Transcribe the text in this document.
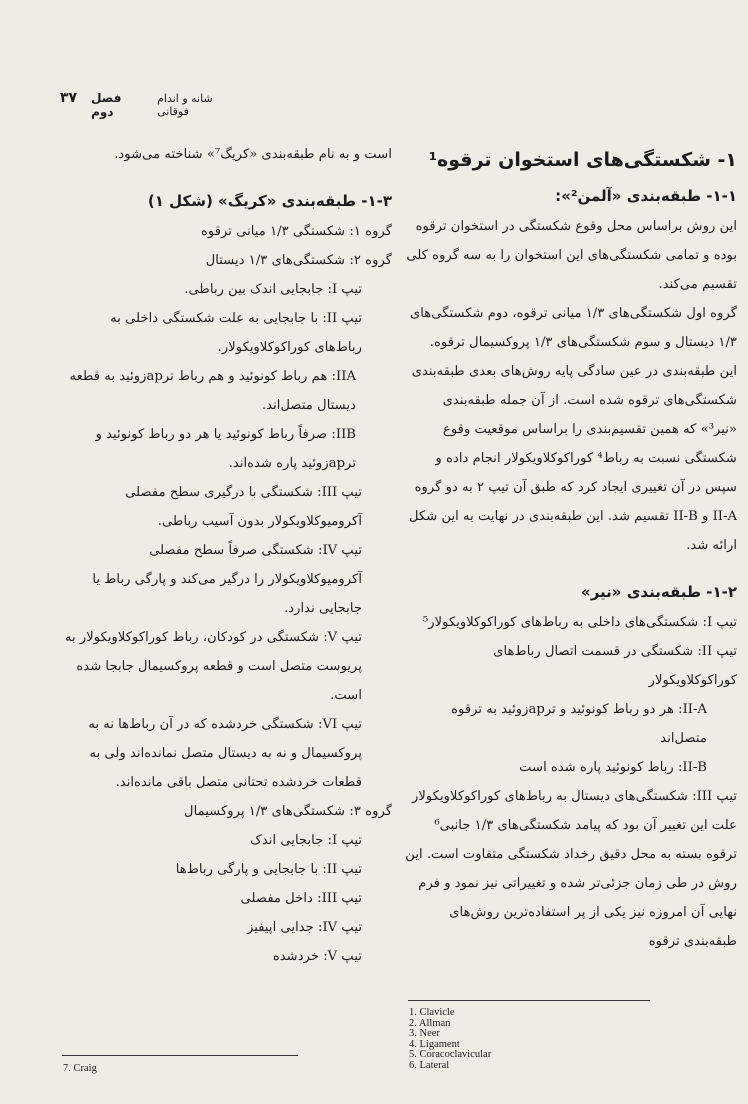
۳۷ فصل دوم
شانه و اندام فوقانی

۱- شکستگی‌های استخوان ترقوه¹

۱-۱- طبقه‌بندی «آلمن²»:

این روش براساس محل وقوع شکستگی در استخوان ترقوه بوده و تمامی شکستگی‌های این استخوان را به سه گروه کلی تقسیم می‌کند.

گروه اول شکستگی‌های ۱/۳ میانی ترقوه، دوم شکستگی‌های ۱/۳ دیستال و سوم شکستگی‌های ۱/۳ پروکسیمال ترقوه.

این طبقه‌بندی در عین سادگی پایه روش‌های بعدی طبقه‌بندی شکستگی‌های ترقوه شده است. از آن جمله طبقه‌بندی «نیر³» که همین تقسیم‌بندی را براساس موقعیت وقوع شکستگی نسبت به رباط⁴ کوراکوکلاویکولار انجام داده و سپس در آن تغییری ایجاد کرد که طبق آن تیپ ۲ به دو گروه II-A و II-B تقسیم شد. این طبقه‌بندی در نهایت به این شکل ارائه شد.

۱-۲- طبقه‌بندی «نیر»

تیپ I: شکستگی‌های داخلی به رباط‌های کوراکوکلاویکولار⁵

تیپ II: شکستگی در قسمت اتصال رباط‌های کوراکوکلاویکولار

II-A: هر دو رباط کونوئید و ترapزوئید به ترقوه متصل‌اند

II-B: رباط کونوئید پاره شده است

تیپ III: شکستگی‌های دیستال به رباط‌های کوراکوکلاویکولار

علت این تغییر آن بود که پیامد شکستگی‌های ۱/۳ جانبی⁶ ترقوه بسته به محل دقیق رخداد شکستگی متفاوت است. این روش در طی زمان جزئی‌تر شده و تغییراتی نیز نمود و فرم نهایی آن امروزه نیز یکی از پر استفاده‌ترین روش‌های طبقه‌بندی ترقوه

است و به نام طبقه‌بندی «کریگ⁷» شناخته می‌شود.

۱-۳- طبقه‌بندی «کریگ» (شکل ۱)

گروه ۱: شکستگی ۱/۳ میانی ترقوه

گروه ۲: شکستگی‌های ۱/۳ دیستال

تیپ I: جابجایی اندک بین رباطی.

تیپ II: با جابجایی به علت شکستگی داخلی به رباط‌های کوراکوکلاویکولار.

IIA: هم رباط کونوئید و هم رباط ترapزوئید به قطعه دیستال متصل‌اند.

IIB: صرفاً رباط کونوئید یا هر دو رباط کونوئید و ترapزوئید پاره شده‌اند.

تیپ III: شکستگی با درگیری سطح مفصلی آکرومیوکلاویکولار بدون آسیب رباطی.

تیپ IV: شکستگی صرفاً سطح مفصلی آکرومیوکلاویکولار را درگیر می‌کند و پارگی رباط یا جابجایی ندارد.

تیپ V: شکستگی در کودکان، رباط کوراکوکلاویکولار به پریوست متصل است و قطعه پروکسیمال جابجا شده است.

تیپ VI: شکستگی خردشده که در آن رباط‌ها نه به پروکسیمال و نه به دیستال متصل نمانده‌اند ولی به قطعات خردشده تحتانی متصل باقی مانده‌اند.

گروه ۳: شکستگی‌های ۱/۳ پروکسیمال

تیپ I: جابجایی اندک

تیپ II: با جابجایی و پارگی رباط‌ها

تیپ III: داخل مفصلی

تیپ IV: جدایی اپیفیز

تیپ V: خردشده

1. Clavicle
2. Allman
3. Neer
4. Ligament
5. Coracoclavicular
6. Lateral
7. Craig
